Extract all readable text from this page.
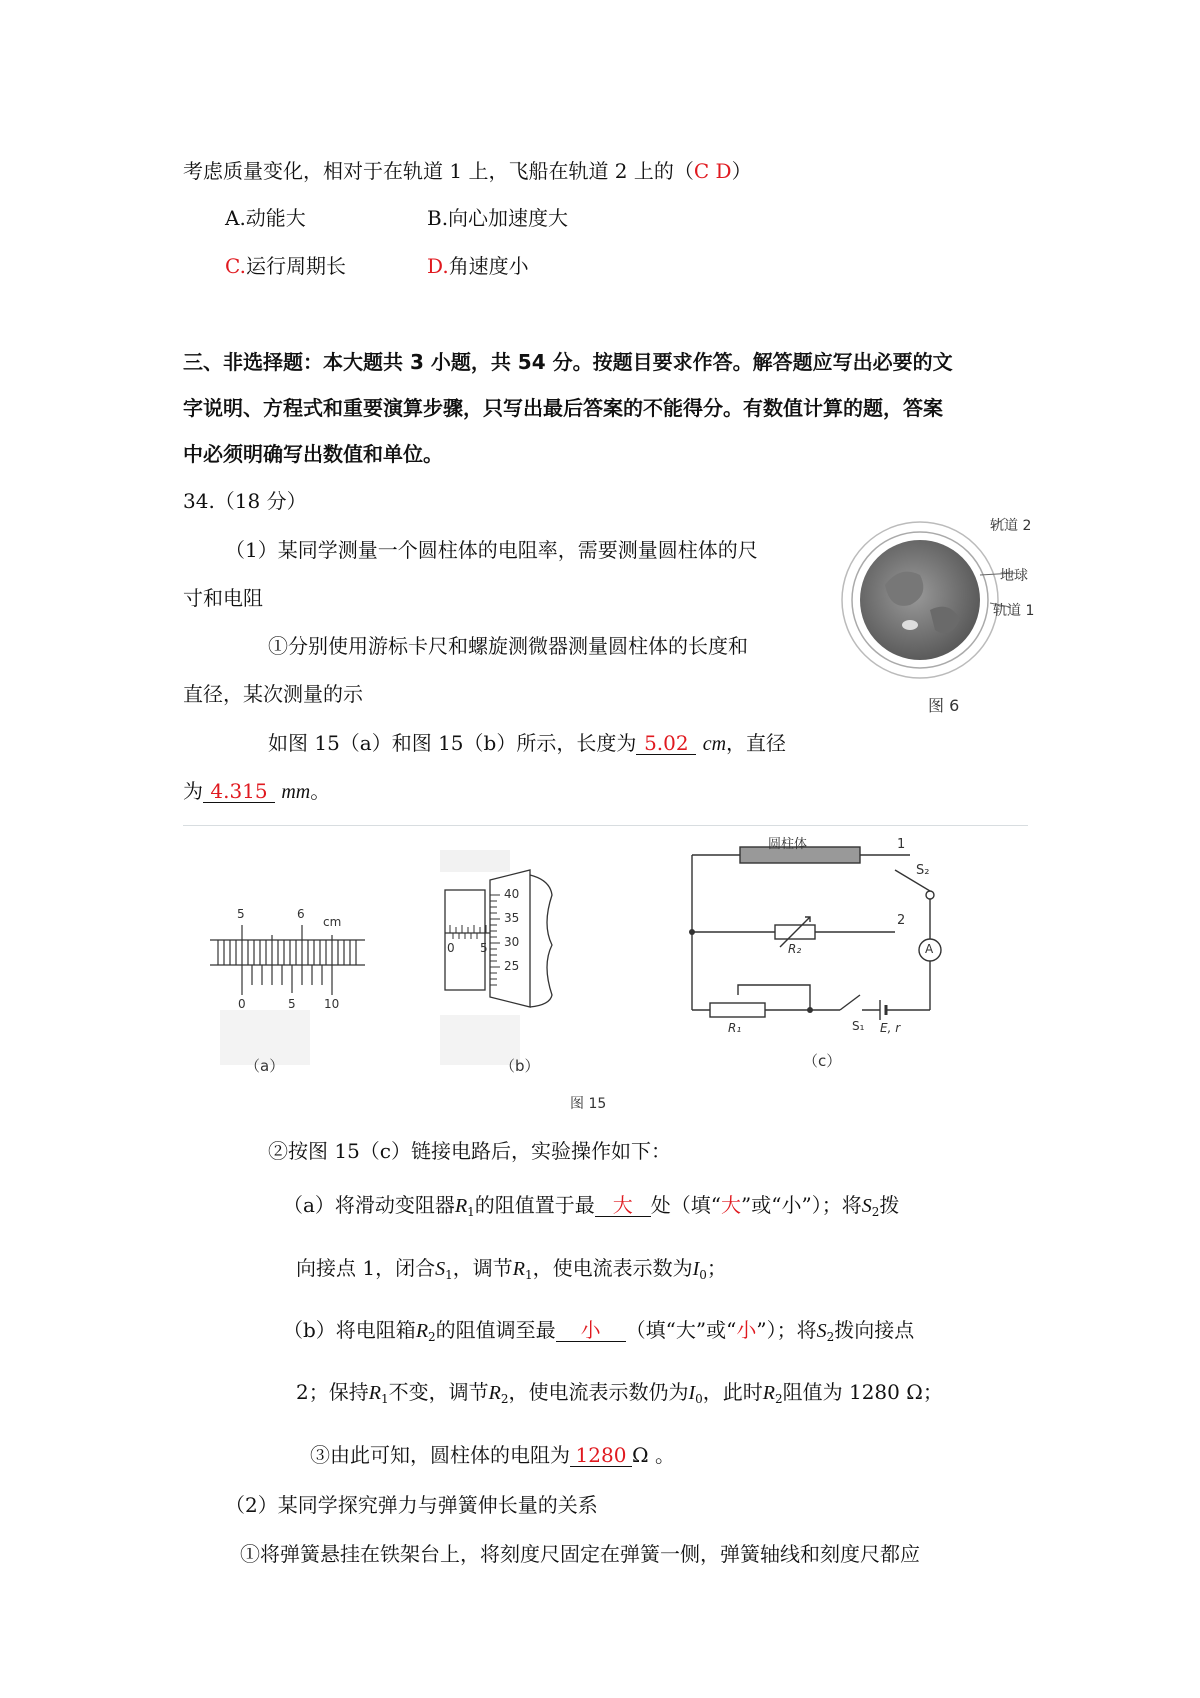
考虑质量变化，相对于在轨道 1 上，飞船在轨道 2 上的（C D）
A.动能大	B.向心加速度大
C.运行周期长	D.角速度小
三、非选择题：本大题共 3 小题，共 54 分。按题目要求作答。解答题应写出必要的文
字说明、方程式和重要演算步骤，只写出最后答案的不能得分。有数值计算的题，答案
中必须明确写出数值和单位。
34.（18 分）
（1）某同学测量一个圆柱体的电阻率，需要测量圆柱体的尺
寸和电阻
①分别使用游标卡尺和螺旋测微器测量圆柱体的长度和
直径，某次测量的示
如图 15（a）和图 15（b）所示，长度为 5.02 cm，直径
为 4.315 mm。
轨道 2
地球
轨道 1
图 6
5	6
cm
0	5 10
（a）
40
35
30
25
0 5
（b）
圆柱体	1
S₂
2
R₂	A
R₁	S₁ E, r
（c）
图 15
②按图 15（c）链接电路后，实验操作如下：
（a）将滑动变阻器$R_1$的阻值置于最 大 处（填“大”或“小”）；将$S_2$拨
向接点 1，闭合$S_1$，调节$R_1$，使电流表示数为$I_0$；
（b）将电阻箱$R_2$的阻值调至最 小 （填“大”或“小”）；将$S_2$拨向接点
2；保持$R_1$不变，调节$R_2$，使电流表示数仍为$I_0$，此时$R_2$阻值为 1280 Ω；
③由此可知，圆柱体的电阻为 1280 Ω 。
（2）某同学探究弹力与弹簧伸长量的关系
①将弹簧悬挂在铁架台上，将刻度尺固定在弹簧一侧，弹簧轴线和刻度尺都应
